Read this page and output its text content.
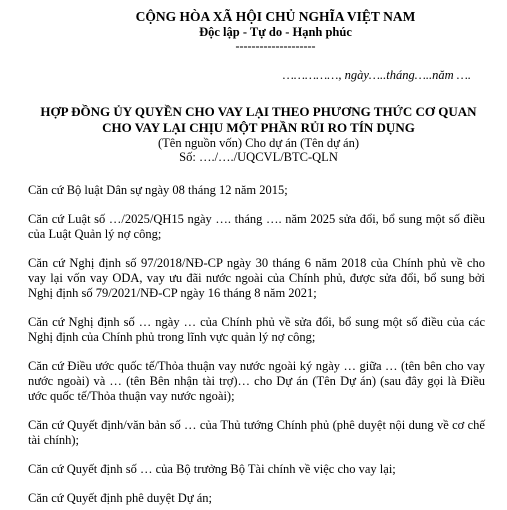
CỘNG HÒA XÃ HỘI CHỦ NGHĨA VIỆT NAM
Độc lập - Tự do - Hạnh phúc
--------------------
……………, ngày…..tháng…..năm ….
HỢP ĐỒNG ỦY QUYỀN CHO VAY LẠI THEO PHƯƠNG THỨC CƠ QUAN
CHO VAY LẠI CHỊU MỘT PHẦN RỦI RO TÍN DỤNG
(Tên nguồn vốn) Cho dự án (Tên dự án)
Số: …./…./UQCVL/BTC-QLN

Căn cứ Bộ luật Dân sự ngày 08 tháng 12 năm 2015;

Căn cứ Luật số …/2025/QH15 ngày …. tháng …. năm 2025 sửa đổi, bổ sung một số điều của Luật Quản lý nợ công;

Căn cứ Nghị định số 97/2018/NĐ-CP ngày 30 tháng 6 năm 2018 của Chính phủ về cho vay lại vốn vay ODA, vay ưu đãi nước ngoài của Chính phủ, được sửa đổi, bổ sung bởi Nghị định số 79/2021/NĐ-CP ngày 16 tháng 8 năm 2021;

Căn cứ Nghị định số … ngày … của Chính phủ về sửa đổi, bổ sung một số điều của các Nghị định của Chính phủ trong lĩnh vực quản lý nợ công;

Căn cứ Điều ước quốc tế/Thỏa thuận vay nước ngoài ký ngày … giữa … (tên bên cho vay nước ngoài) và … (tên Bên nhận tài trợ)… cho Dự án (Tên Dự án) (sau đây gọi là Điều ước quốc tế/Thỏa thuận vay nước ngoài);

Căn cứ Quyết định/văn bản số … của Thủ tướng Chính phủ (phê duyệt nội dung về cơ chế tài chính);

Căn cứ Quyết định số … của Bộ trưởng Bộ Tài chính về việc cho vay lại;

Căn cứ Quyết định phê duyệt Dự án;
